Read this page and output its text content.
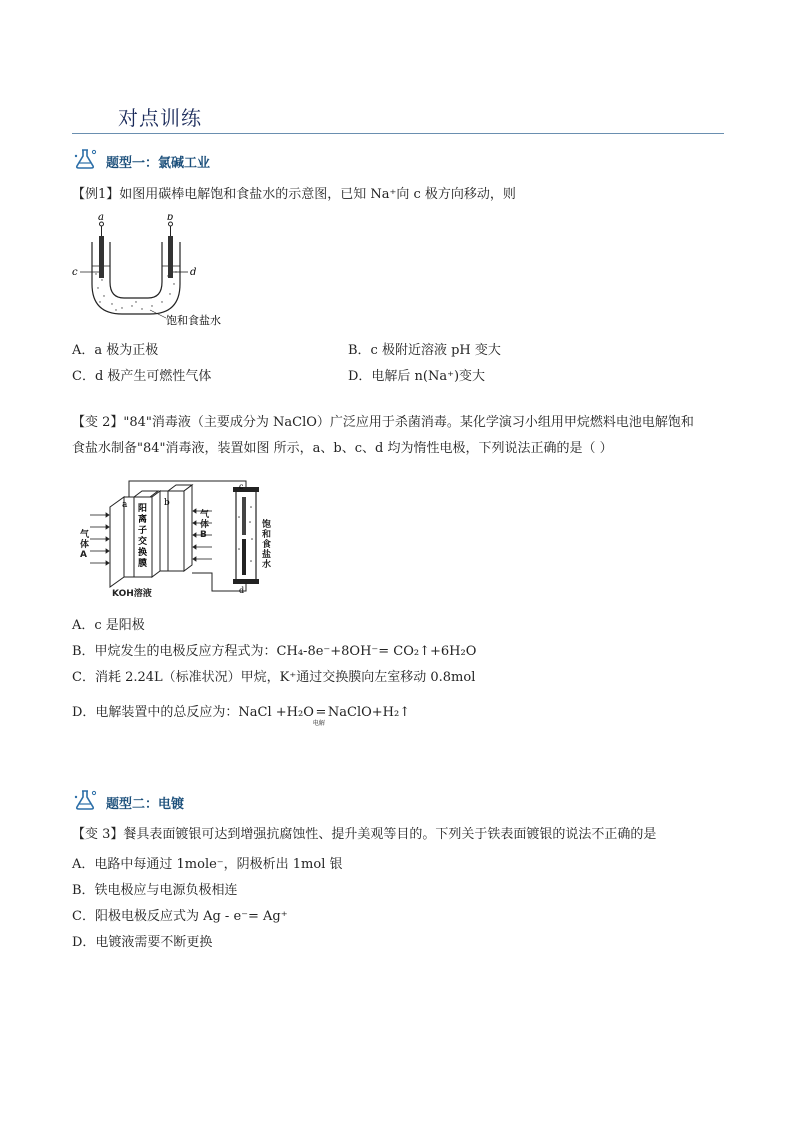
对点训练
题型一：氯碱工业
【例1】如图用碳棒电解饱和食盐水的示意图，已知 Na⁺向 c 极方向移动，则
a	b
c	d
饱和食盐水
A．a 极为正极	B．c 极附近溶液 pH 变大
C．d 极产生可燃性气体	D．电解后 n(Na⁺)变大
【变 2】"84"消毒液（主要成分为 NaClO）广泛应用于杀菌消毒。某化学演习小组用甲烷燃料电池电解饱和
食盐水制备"84"消毒液，装置如图 所示，a、b、c、d 均为惰性电极，下列说法正确的是（ ）
阳
离
子
交
换
膜
a	b
c
d
气
体
A
气
体
B
饱
和
食
盐
水
KOH溶液
A．c 是阳极
B．甲烷发生的电极反应方程式为：CH₄-8e⁻+8OH⁻= CO₂↑+6H₂O
C．消耗 2.24L（标准状况）甲烷，K⁺通过交换膜向左室移动 0.8mol
D．电解装置中的总反应为：NaCl +H₂O =
电解
NaClO+H₂↑
题型二：电镀
【变 3】餐具表面镀银可达到增强抗腐蚀性、提升美观等目的。下列关于铁表面镀银的说法不正确的是
A．电路中每通过 1mole⁻，阴极析出 1mol 银
B．铁电极应与电源负极相连
C．阳极电极反应式为 Ag - e⁻= Ag⁺
D．电镀液需要不断更换
